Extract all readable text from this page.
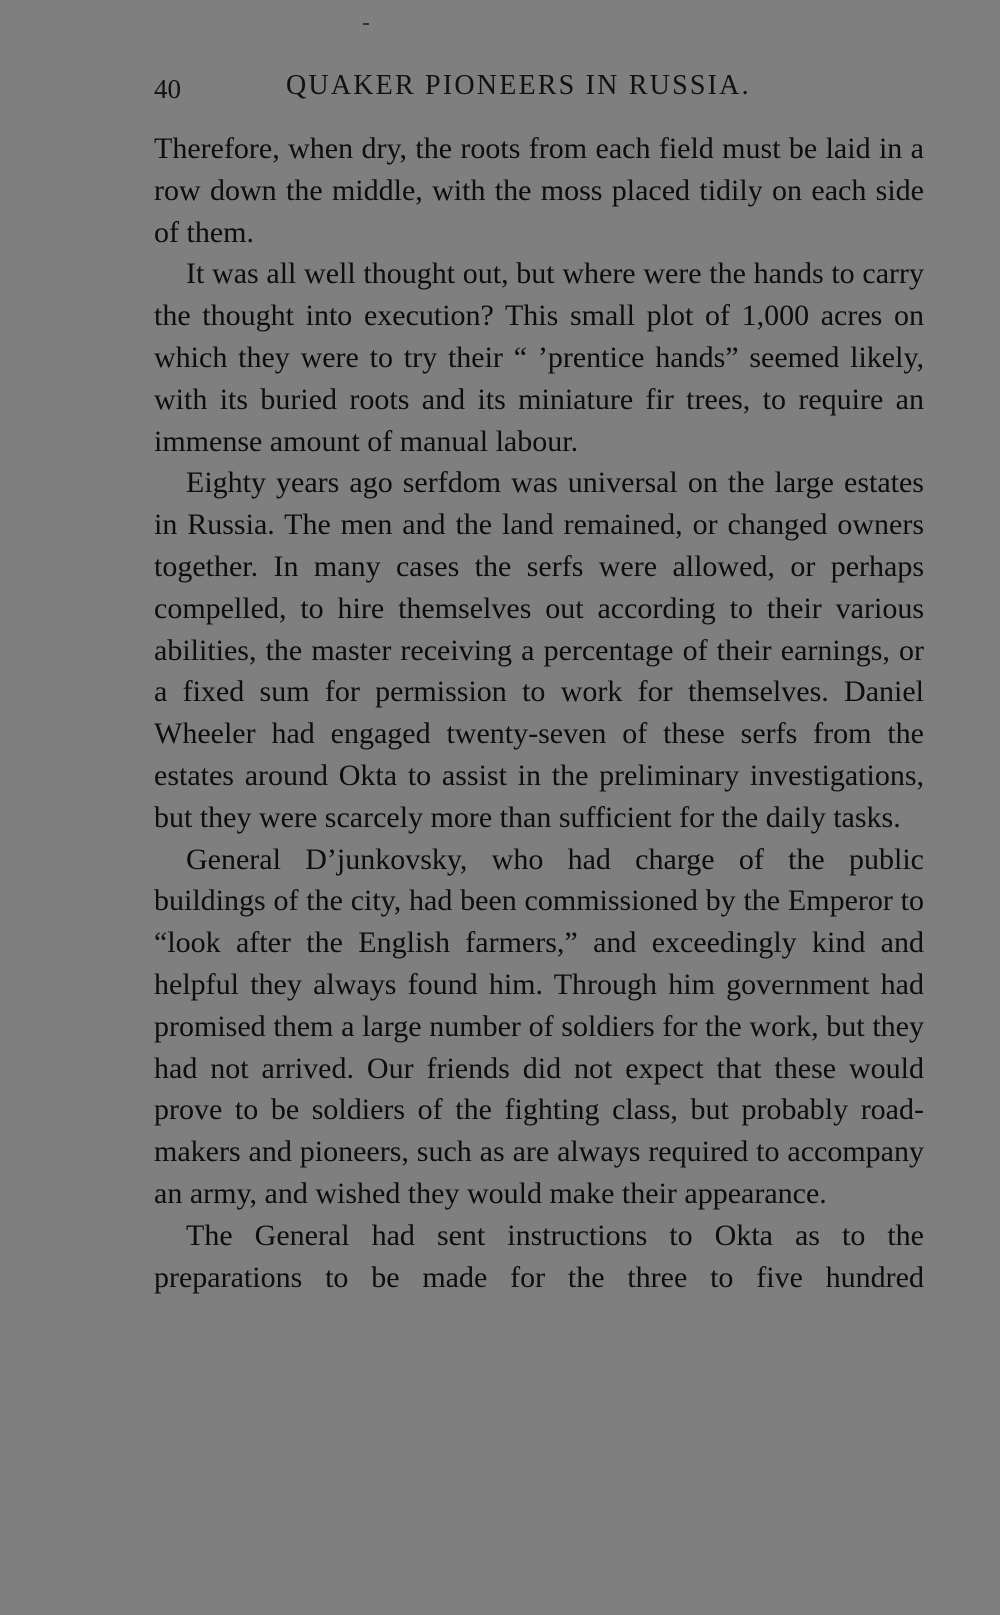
40	QUAKER PIONEERS IN RUSSIA.

Therefore, when dry, the roots from each field must be laid in a row down the middle, with the moss placed tidily on each side of them.

It was all well thought out, but where were the hands to carry the thought into execution? This small plot of 1,000 acres on which they were to try their “ ’prentice hands” seemed likely, with its buried roots and its miniature fir trees, to require an immense amount of manual labour.

Eighty years ago serfdom was universal on the large estates in Russia. The men and the land remained, or changed owners together. In many cases the serfs were allowed, or perhaps compelled, to hire themselves out according to their various abilities, the master receiving a percentage of their earnings, or a fixed sum for permission to work for themselves. Daniel Wheeler had engaged twenty-seven of these serfs from the estates around Okta to assist in the preliminary investigations, but they were scarcely more than sufficient for the daily tasks.

General D’junkovsky, who had charge of the public buildings of the city, had been commissioned by the Emperor to “look after the English farmers,” and exceedingly kind and helpful they always found him. Through him government had promised them a large number of soldiers for the work, but they had not arrived. Our friends did not expect that these would prove to be soldiers of the fighting class, but probably road-makers and pioneers, such as are always required to accompany an army, and wished they would make their appearance.

The General had sent instructions to Okta as to the preparations to be made for the three to five hundred
